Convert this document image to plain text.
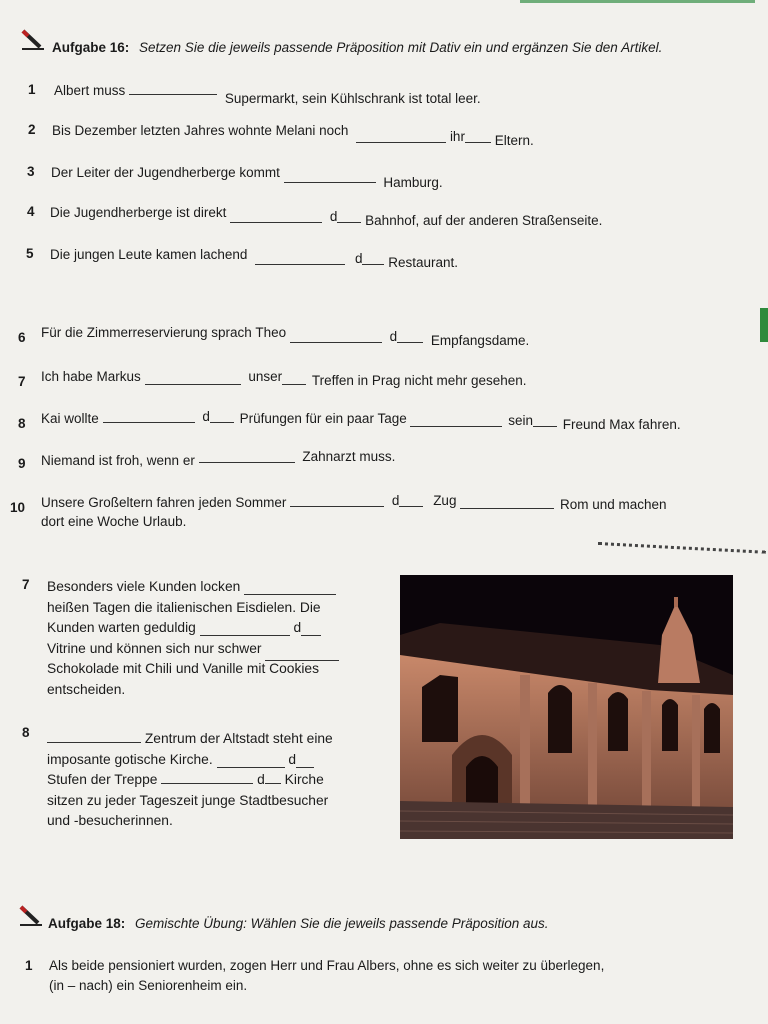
Aufgabe 16: Setzen Sie die jeweils passende Präposition mit Dativ ein und ergänzen Sie den Artikel.
1 Albert muss  Supermarkt, sein Kühlschrank ist total leer.
2 Bis Dezember letzten Jahres wohnte Melani noch	ihr Eltern.
3 Der Leiter der Jugendherberge kommt  Hamburg.
4 Die Jugendherberge ist direkt	d Bahnhof, auf der anderen Straßenseite.
5 Die jungen Leute kamen lachend	d Restaurant.
6 Für die Zimmerreservierung sprach Theo	d	Empfangsdame.
7 Ich habe Markus	unser Treffen in Prag nicht mehr gesehen.
8 Kai wollte	d Prüfungen für ein paar Tage	sein Freund Max fahren.
9 Niemand ist froh, wenn er	Zahnarzt muss.
10 Unsere Großeltern fahren jeden Sommer	d	Zug	Rom und machen
dort eine Woche Urlaub.
7 Besonders viele Kunden locken
heißen Tagen die italienischen Eisdielen. Die
Kunden warten geduldig	d
Vitrine und können sich nur schwer
Schokolade mit Chili und Vanille mit Cookies
entscheiden.
8	Zentrum der Altstadt steht eine
imposante gotische Kirche.	d
Stufen der Treppe	d Kirche
sitzen zu jeder Tageszeit junge Stadtbesucher
und -besucherinnen.
Aufgabe 18: Gemischte Übung: Wählen Sie die jeweils passende Präposition aus.
1 Als beide pensioniert wurden, zogen Herr und Frau Albers, ohne es sich weiter zu überlegen,
(in – nach) ein Seniorenheim ein.
